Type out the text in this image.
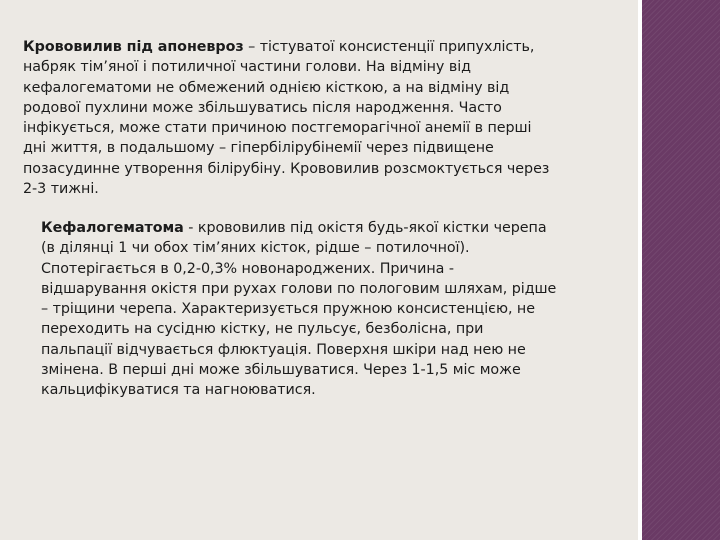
Крововилив під апоневроз – тістуватої консистенції припухлість,
набряк тім’яної і потиличної частини голови. На відміну від
кефалогематоми не обмежений однією кісткою, а на відміну від
родової пухлини може збільшуватись після народження. Часто
інфікується, може стати причиною постгеморагічної анемії в перші
дні життя, в подальшому – гіпербілірубінемії через підвищене
позасудинне утворення білірубіну. Крововилив розсмоктується через
2-3 тижні.

Кефалогематома - крововилив під окістя будь-якої кістки черепа
(в ділянці 1 чи обох тім’яних кісток, рідше – потилочної).
Спотерігається в 0,2-0,3% новонароджених. Причина -
відшарування окістя при рухах голови по пологовим шляхам, рідше
– тріщини черепа. Характеризується пружною консистенцією, не
переходить на сусідню кістку, не пульсує, безболісна, при
пальпації відчувається флюктуація. Поверхня шкіри над нею не
змінена. В перші дні може збільшуватися. Через 1-1,5 міс може
кальцифікуватися та нагноюватися.
